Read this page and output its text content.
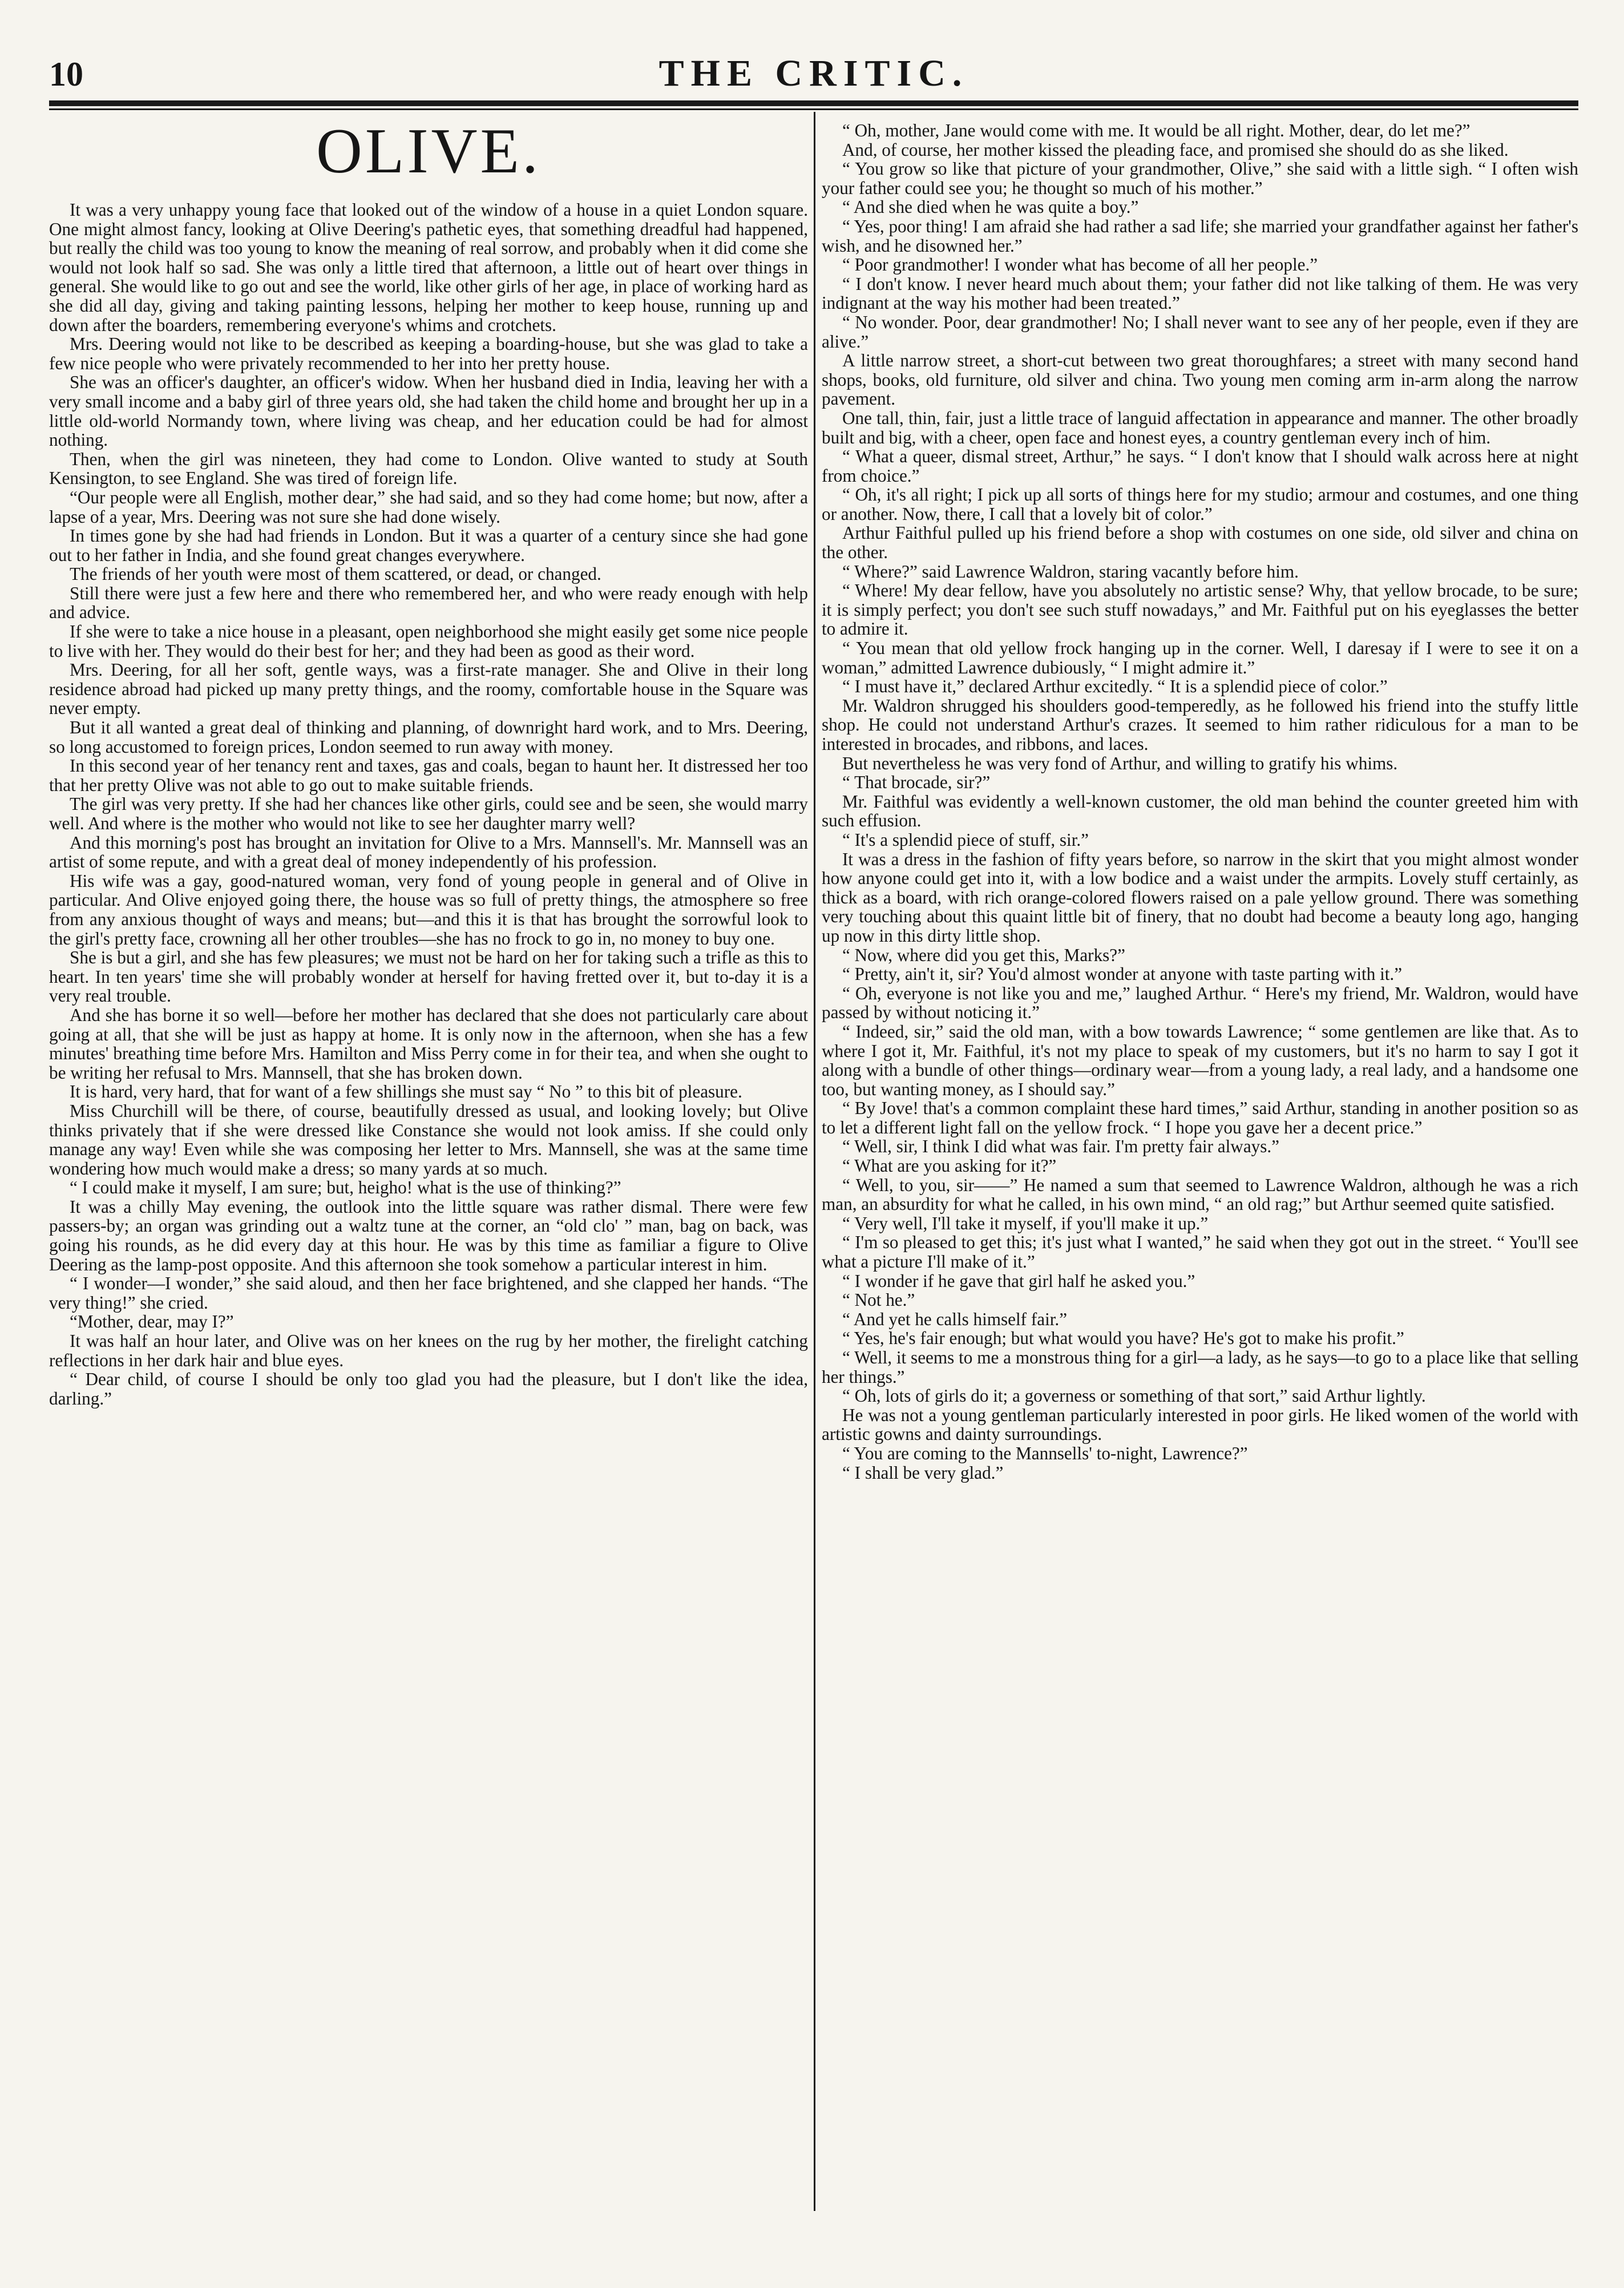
10	THE CRITIC.
OLIVE.

It was a very unhappy young face that looked out of the window of a house in a quiet London square. One might almost fancy, looking at Olive Deering's pathetic eyes, that something dreadful had happened, but really the child was too young to know the meaning of real sorrow, and probably when it did come she would not look half so sad. She was only a little tired that afternoon, a little out of heart over things in general. She would like to go out and see the world, like other girls of her age, in place of working hard as she did all day, giving and taking painting lessons, helping her mother to keep house, running up and down after the boarders, remembering everyone's whims and crotchets.

Mrs. Deering would not like to be described as keeping a boarding-house, but she was glad to take a few nice people who were privately recommended to her into her pretty house.

She was an officer's daughter, an officer's widow. When her husband died in India, leaving her with a very small income and a baby girl of three years old, she had taken the child home and brought her up in a little old-world Normandy town, where living was cheap, and her education could be had for almost nothing.

Then, when the girl was nineteen, they had come to London. Olive wanted to study at South Kensington, to see England. She was tired of foreign life.

“Our people were all English, mother dear,” she had said, and so they had come home; but now, after a lapse of a year, Mrs. Deering was not sure she had done wisely.

In times gone by she had had friends in London. But it was a quarter of a century since she had gone out to her father in India, and she found great changes everywhere.

The friends of her youth were most of them scattered, or dead, or changed.

Still there were just a few here and there who remembered her, and who were ready enough with help and advice.

If she were to take a nice house in a pleasant, open neighborhood she might easily get some nice people to live with her. They would do their best for her; and they had been as good as their word.

Mrs. Deering, for all her soft, gentle ways, was a first-rate manager. She and Olive in their long residence abroad had picked up many pretty things, and the roomy, comfortable house in the Square was never empty.

But it all wanted a great deal of thinking and planning, of downright hard work, and to Mrs. Deering, so long accustomed to foreign prices, London seemed to run away with money.

In this second year of her tenancy rent and taxes, gas and coals, began to haunt her. It distressed her too that her pretty Olive was not able to go out to make suitable friends.

The girl was very pretty. If she had her chances like other girls, could see and be seen, she would marry well. And where is the mother who would not like to see her daughter marry well?

And this morning's post has brought an invitation for Olive to a Mrs. Mannsell's. Mr. Mannsell was an artist of some repute, and with a great deal of money independently of his profession.

His wife was a gay, good-natured woman, very fond of young people in general and of Olive in particular. And Olive enjoyed going there, the house was so full of pretty things, the atmosphere so free from any anxious thought of ways and means; but—and this it is that has brought the sorrowful look to the girl's pretty face, crowning all her other troubles—she has no frock to go in, no money to buy one.

She is but a girl, and she has few pleasures; we must not be hard on her for taking such a trifle as this to heart. In ten years' time she will probably wonder at herself for having fretted over it, but to-day it is a very real trouble.

And she has borne it so well—before her mother has declared that she does not particularly care about going at all, that she will be just as happy at home. It is only now in the afternoon, when she has a few minutes' breathing time before Mrs. Hamilton and Miss Perry come in for their tea, and when she ought to be writing her refusal to Mrs. Mannsell, that she has broken down.

It is hard, very hard, that for want of a few shillings she must say “ No ” to this bit of pleasure.

Miss Churchill will be there, of course, beautifully dressed as usual, and looking lovely; but Olive thinks privately that if she were dressed like Constance she would not look amiss. If she could only manage any way! Even while she was composing her letter to Mrs. Mannsell, she was at the same time wondering how much would make a dress; so many yards at so much.

“ I could make it myself, I am sure; but, heigho! what is the use of thinking?”

It was a chilly May evening, the outlook into the little square was rather dismal. There were few passers-by; an organ was grinding out a waltz tune at the corner, an “old clo' ” man, bag on back, was going his rounds, as he did every day at this hour. He was by this time as familiar a figure to Olive Deering as the lamp-post opposite. And this afternoon she took somehow a particular interest in him.

“ I wonder—I wonder,” she said aloud, and then her face brightened, and she clapped her hands. “The very thing!” she cried.

“Mother, dear, may I?”

It was half an hour later, and Olive was on her knees on the rug by her mother, the firelight catching reflections in her dark hair and blue eyes.

“ Dear child, of course I should be only too glad you had the pleasure, but I don't like the idea, darling.”

“ Oh, mother, Jane would come with me. It would be all right. Mother, dear, do let me?”

And, of course, her mother kissed the pleading face, and promised she should do as she liked.

“ You grow so like that picture of your grandmother, Olive,” she said with a little sigh. “ I often wish your father could see you; he thought so much of his mother.”

“ And she died when he was quite a boy.”

“ Yes, poor thing! I am afraid she had rather a sad life; she married your grandfather against her father's wish, and he disowned her.”

“ Poor grandmother! I wonder what has become of all her people.”

“ I don't know. I never heard much about them; your father did not like talking of them. He was very indignant at the way his mother had been treated.”

“ No wonder. Poor, dear grandmother! No; I shall never want to see any of her people, even if they are alive.”

A little narrow street, a short-cut between two great thoroughfares; a street with many second hand shops, books, old furniture, old silver and china. Two young men coming arm in-arm along the narrow pavement.

One tall, thin, fair, just a little trace of languid affectation in appearance and manner. The other broadly built and big, with a cheer, open face and honest eyes, a country gentleman every inch of him.

“ What a queer, dismal street, Arthur,” he says. “ I don't know that I should walk across here at night from choice.”

“ Oh, it's all right; I pick up all sorts of things here for my studio; armour and costumes, and one thing or another. Now, there, I call that a lovely bit of color.”

Arthur Faithful pulled up his friend before a shop with costumes on one side, old silver and china on the other.

“ Where?” said Lawrence Waldron, staring vacantly before him.

“ Where! My dear fellow, have you absolutely no artistic sense? Why, that yellow brocade, to be sure; it is simply perfect; you don't see such stuff nowadays,” and Mr. Faithful put on his eyeglasses the better to admire it.

“ You mean that old yellow frock hanging up in the corner. Well, I daresay if I were to see it on a woman,” admitted Lawrence dubiously, “ I might admire it.”

“ I must have it,” declared Arthur excitedly. “ It is a splendid piece of color.”

Mr. Waldron shrugged his shoulders good-temperedly, as he followed his friend into the stuffy little shop. He could not understand Arthur's crazes. It seemed to him rather ridiculous for a man to be interested in brocades, and ribbons, and laces.

But nevertheless he was very fond of Arthur, and willing to gratify his whims.

“ That brocade, sir?”

Mr. Faithful was evidently a well-known customer, the old man behind the counter greeted him with such effusion.

“ It's a splendid piece of stuff, sir.”

It was a dress in the fashion of fifty years before, so narrow in the skirt that you might almost wonder how anyone could get into it, with a low bodice and a waist under the armpits. Lovely stuff certainly, as thick as a board, with rich orange-colored flowers raised on a pale yellow ground. There was something very touching about this quaint little bit of finery, that no doubt had become a beauty long ago, hanging up now in this dirty little shop.

“ Now, where did you get this, Marks?”

“ Pretty, ain't it, sir? You'd almost wonder at anyone with taste parting with it.”

“ Oh, everyone is not like you and me,” laughed Arthur. “ Here's my friend, Mr. Waldron, would have passed by without noticing it.”

“ Indeed, sir,” said the old man, with a bow towards Lawrence; “ some gentlemen are like that. As to where I got it, Mr. Faithful, it's not my place to speak of my customers, but it's no harm to say I got it along with a bundle of other things—ordinary wear—from a young lady, a real lady, and a handsome one too, but wanting money, as I should say.”

“ By Jove! that's a common complaint these hard times,” said Arthur, standing in another position so as to let a different light fall on the yellow frock. “ I hope you gave her a decent price.”

“ Well, sir, I think I did what was fair. I'm pretty fair always.”

“ What are you asking for it?”

“ Well, to you, sir——” He named a sum that seemed to Lawrence Waldron, although he was a rich man, an absurdity for what he called, in his own mind, “ an old rag;” but Arthur seemed quite satisfied.

“ Very well, I'll take it myself, if you'll make it up.”

“ I'm so pleased to get this; it's just what I wanted,” he said when they got out in the street. “ You'll see what a picture I'll make of it.”

“ I wonder if he gave that girl half he asked you.”

“ Not he.”

“ And yet he calls himself fair.”

“ Yes, he's fair enough; but what would you have? He's got to make his profit.”

“ Well, it seems to me a monstrous thing for a girl—a lady, as he says—to go to a place like that selling her things.”

“ Oh, lots of girls do it; a governess or something of that sort,” said Arthur lightly.

He was not a young gentleman particularly interested in poor girls. He liked women of the world with artistic gowns and dainty surroundings.

“ You are coming to the Mannsells' to-night, Lawrence?”

“ I shall be very glad.”
